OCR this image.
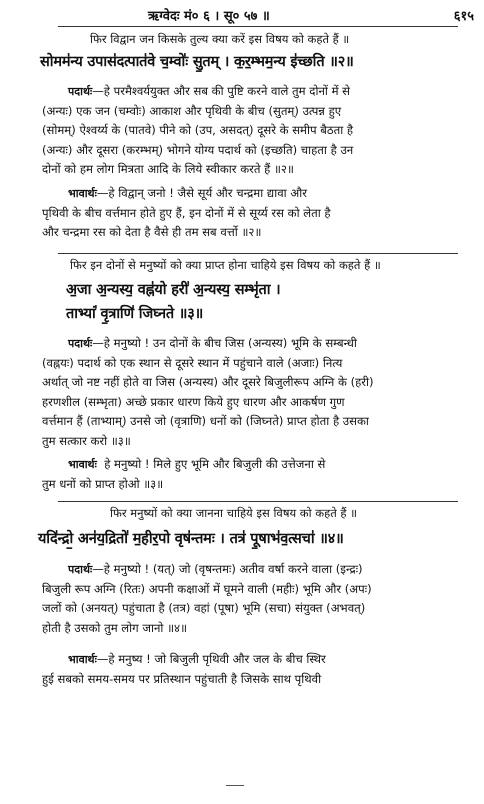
ऋग्वेदः मं० ६ । सू० ५७ ॥	६१५
फिर विद्वान जन किसके तुल्य क्या करें इस विषय को कहते हैं ॥
सोमम॑न्य उपास॑दत्पात॑वे च॒म्वोः॑ सु॒तम् । क॒र॒म्भम॒न्य इ॑च्छति ॥२॥

पदार्थः—हे परमैश्वर्ययुक्त और सब की पुष्टि करने वाले तुम दोनों में से

(अन्यः) एक जन (चम्वोः) आकाश और पृथिवी के बीच (सुतम्) उत्पन्न हुए

(सोमम्) ऐश्वर्य्य के (पातवे) पीने को (उप, असदत्) दूसरे के समीप बैठता है

(अन्यः) और दूसरा (करम्भम्) भोगने योग्य पदार्थ को (इच्छति) चाहता है उन

दोनों को हम लोग मित्रता आदि के लिये स्वीकार करते हैं ॥२॥

भावार्थः—हे विद्वान् जनो ! जैसे सूर्य और चन्द्रमा द्यावा और

पृथिवी के बीच वर्त्तमान होते हुए हैं, इन दोनों में से सूर्य्य रस को लेता है

और चन्द्रमा रस को देता है वैसे ही तम सब वर्त्तो ॥२॥

फिर इन दोनों से मनुष्यों को क्या प्राप्त होना चाहिये इस विषय को कहते हैं ॥
अ॒जा अ॒न्यस्य॒ वह्न॑यो हरी॑ अ॒न्यस्य॒ सम्भृ॑ता ।
ताभ्यां॑ वृ॒त्राणि॑ जिघ्नते ॥३॥

पदार्थः—हे मनुष्यो ! उन दोनों के बीच जिस (अन्यस्य) भूमि के सम्बन्धी

(वह्नयः) पदार्थ को एक स्थान से दूसरे स्थान में पहुंचाने वाले (अजाः) नित्य

अर्थात् जो नष्ट नहीं होते वा जिस (अन्यस्य) और दूसरे बिजुलीरूप अग्नि के (हरी)

हरणशील (सम्भृता) अच्छे प्रकार धारण किये हुए धारण और आकर्षण गुण

वर्त्तमान हैं (ताभ्याम्) उनसे जो (वृत्राणि) धनों को (जिघ्नते) प्राप्त होता है उसका

तुम सत्कार करो ॥३॥

भावार्थः हे मनुष्यो ! मिले हुए भूमि और बिजुली की उत्तेजना से

तुम धनों को प्राप्त होओ ॥३॥

फिर मनुष्यों को क्या जानना चाहिये इस विषय को कहते हैं ॥
यदि॑न्द्रो॒ अन॑य॒द्रितो॑ म॒हीर॒पो वृष॑न्तमः । तत्र॑ पू॒षाभ॑व॒त्सचा॑ ॥४॥

पदार्थः—हे मनुष्यो ! (यत्) जो (वृषन्तमः) अतीव वर्षा करने वाला (इन्द्रः)

बिजुली रूप अग्नि (रितः) अपनी कक्षाओं में घूमने वाली (महीः) भूमि और (अपः)

जलों को (अनयत्) पहुंचाता है (तत्र) वहां (पूषा) भूमि (सचा) संयुक्त (अभवत्)

होती है उसको तुम लोग जानो ॥४॥

भावार्थः—हे मनुष्य ! जो बिजुली पृथिवी और जल के बीच स्थिर

हुई सबको समय-समय पर प्रतिस्थान पहुंचाती है जिसके साथ पृथिवी
